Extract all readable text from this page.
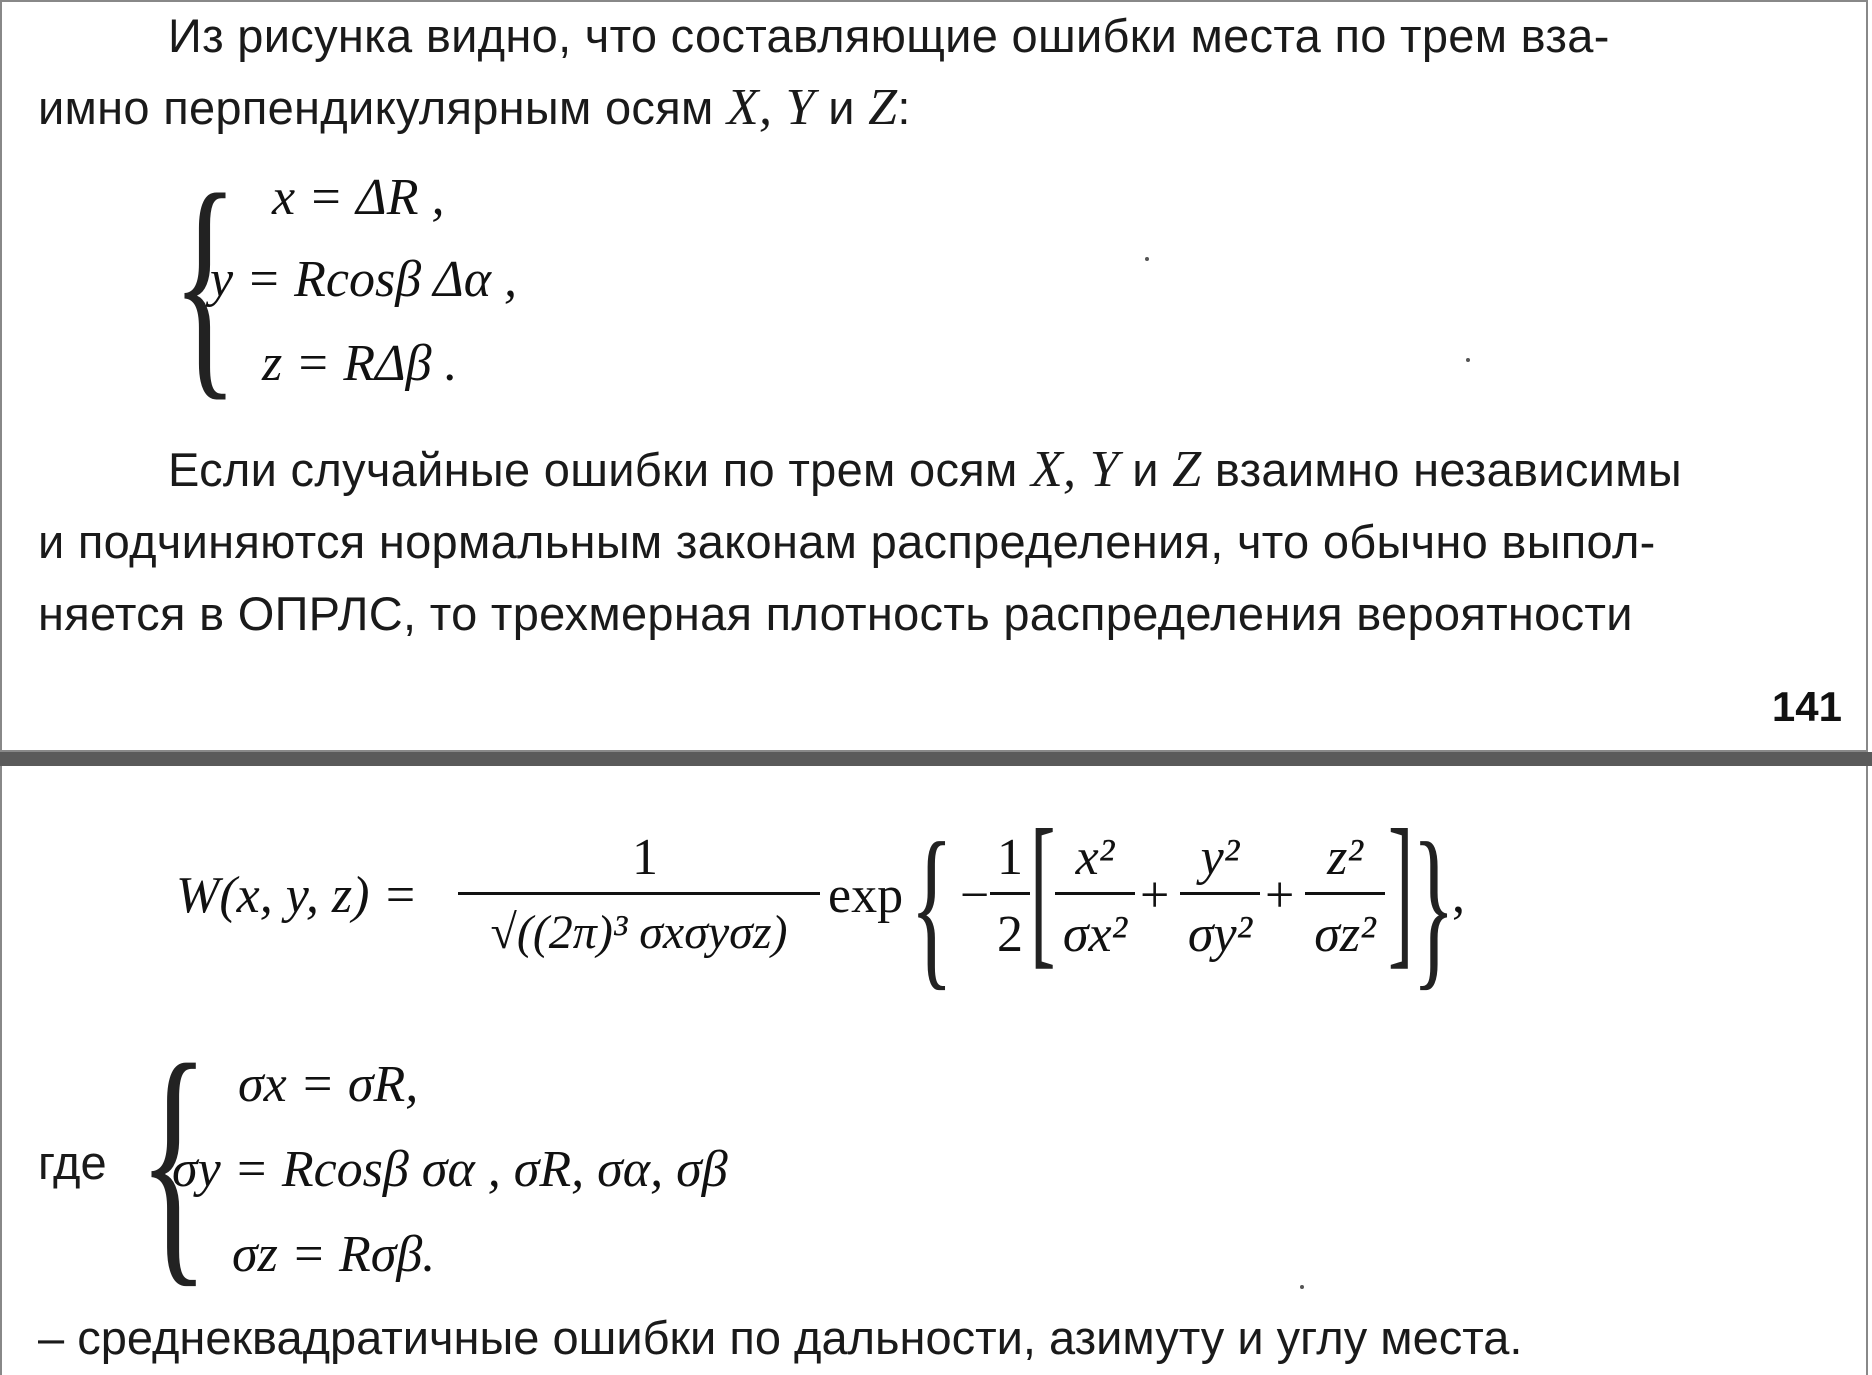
Из рисунка видно, что составляющие ошибки места по трем вза-
имно перпендикулярным осям X, Y и Z:
{ x = ΔR ,
y = Rcosβ Δα ,
z = RΔβ .
Если случайные ошибки по трем осям X, Y и Z взаимно независимы
и подчиняются нормальным законам распределения, что обычно выпол-
няется в ОПРЛС, то трехмерная плотность распределения вероятности
141
W(x, y, z) =
1
√((2π)³ σxσyσz)
exp { −
1
2 [ x²
σx²
+
y²
σy²
+
z²
σz² ]
}
,
где { σx = σR,
σy = Rcosβ σα , σR, σα, σβ
σz = Rσβ.
– среднеквадратичные ошибки по дальности, азимуту и углу места.
